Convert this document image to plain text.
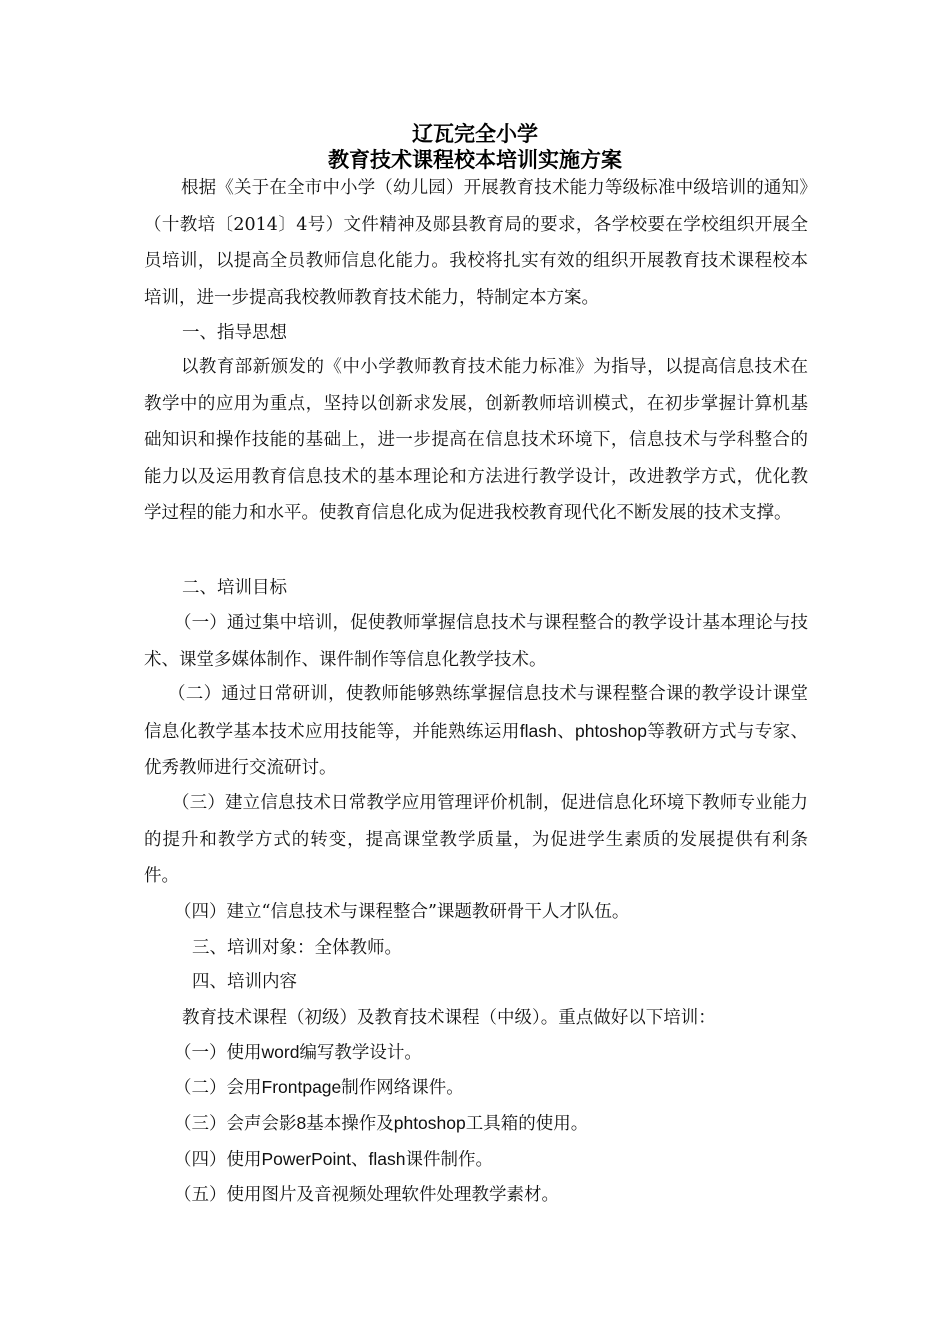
辽瓦完全小学
教育技术课程校本培训实施方案
根据《关于在全市中小学（幼儿园）开展教育技术能力等级标准中级培训的通知》（十教培〔2014〕4号）文件精神及郧县教育局的要求，各学校要在学校组织开展全员培训，以提高全员教师信息化能力。我校将扎实有效的组织开展教育技术课程校本培训，进一步提高我校教师教育技术能力，特制定本方案。
一、指导思想
以教育部新颁发的《中小学教师教育技术能力标准》为指导，以提高信息技术在教学中的应用为重点，坚持以创新求发展，创新教师培训模式，在初步掌握计算机基础知识和操作技能的基础上，进一步提高在信息技术环境下，信息技术与学科整合的能力以及运用教育信息技术的基本理论和方法进行教学设计，改进教学方式，优化教学过程的能力和水平。使教育信息化成为促进我校教育现代化不断发展的技术支撑。
二、培训目标
（一）通过集中培训，促使教师掌握信息技术与课程整合的教学设计基本理论与技术、课堂多媒体制作、课件制作等信息化教学技术。
（二）通过日常研训，使教师能够熟练掌握信息技术与课程整合课的教学设计课堂信息化教学基本技术应用技能等，并能熟练运用flash、phtoshop等教研方式与专家、优秀教师进行交流研讨。
（三）建立信息技术日常教学应用管理评价机制，促进信息化环境下教师专业能力的提升和教学方式的转变，提高课堂教学质量，为促进学生素质的发展提供有利条件。
（四）建立“信息技术与课程整合”课题教研骨干人才队伍。
三、培训对象：全体教师。
四、培训内容
教育技术课程（初级）及教育技术课程（中级）。重点做好以下培训：
（一）使用word编写教学设计。
（二）会用Frontpage制作网络课件。
（三）会声会影8基本操作及phtoshop工具箱的使用。
（四）使用PowerPoint、flash课件制作。
（五）使用图片及音视频处理软件处理教学素材。
